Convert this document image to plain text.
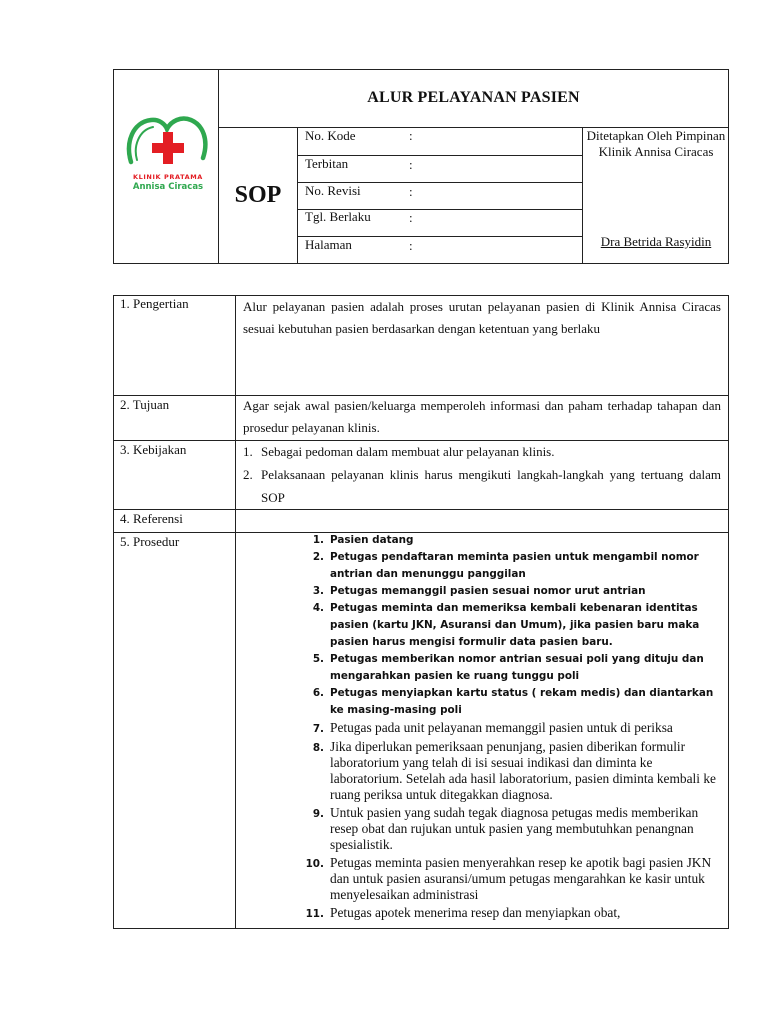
KLINIK PRATAMA
Annisa Ciracas
ALUR PELAYANAN PASIEN
SOP
No. Kode	:
Terbitan	:
No. Revisi	:
Tgl. Berlaku	:
Halaman	:
Ditetapkan Oleh Pimpinan Klinik Annisa Ciracas
Dra Betrida Rasyidin
1. Pengertian	Alur pelayanan pasien adalah proses urutan pelayanan pasien di Klinik Annisa Ciracas sesuai kebutuhan pasien berdasarkan dengan ketentuan yang berlaku
2. Tujuan	Agar sejak awal pasien/keluarga memperoleh informasi dan paham terhadap tahapan dan prosedur pelayanan klinis.
3. Kebijakan	1. Sebagai pedoman dalam membuat alur pelayanan klinis.
2. Pelaksanaan pelayanan klinis harus mengikuti langkah-langkah yang tertuang dalam SOP
4. Referensi
5. Prosedur	1. Pasien datang
2. Petugas pendaftaran meminta pasien untuk mengambil nomor antrian dan menunggu panggilan
3. Petugas memanggil pasien sesuai nomor urut antrian
4. Petugas meminta dan memeriksa kembali kebenaran identitas pasien (kartu JKN, Asuransi dan Umum), jika pasien baru maka pasien harus mengisi formulir data pasien baru.
5. Petugas memberikan nomor antrian sesuai poli yang dituju dan mengarahkan pasien ke ruang tunggu poli
6. Petugas menyiapkan kartu status ( rekam medis) dan diantarkan ke masing-masing poli
7. Petugas pada unit pelayanan memanggil pasien untuk di periksa
8. Jika diperlukan pemeriksaan penunjang, pasien diberikan formulir laboratorium yang telah di isi sesuai indikasi dan diminta ke laboratorium. Setelah ada hasil laboratorium, pasien diminta kembali ke ruang periksa untuk ditegakkan diagnosa.
9. Untuk pasien yang sudah tegak diagnosa petugas medis memberikan resep obat dan rujukan untuk pasien yang membutuhkan penangnan spesialistik.
10. Petugas meminta pasien menyerahkan resep ke apotik bagi pasien JKN dan untuk pasien asuransi/umum petugas mengarahkan ke kasir untuk menyelesaikan administrasi
11. Petugas apotek menerima resep dan menyiapkan obat,
